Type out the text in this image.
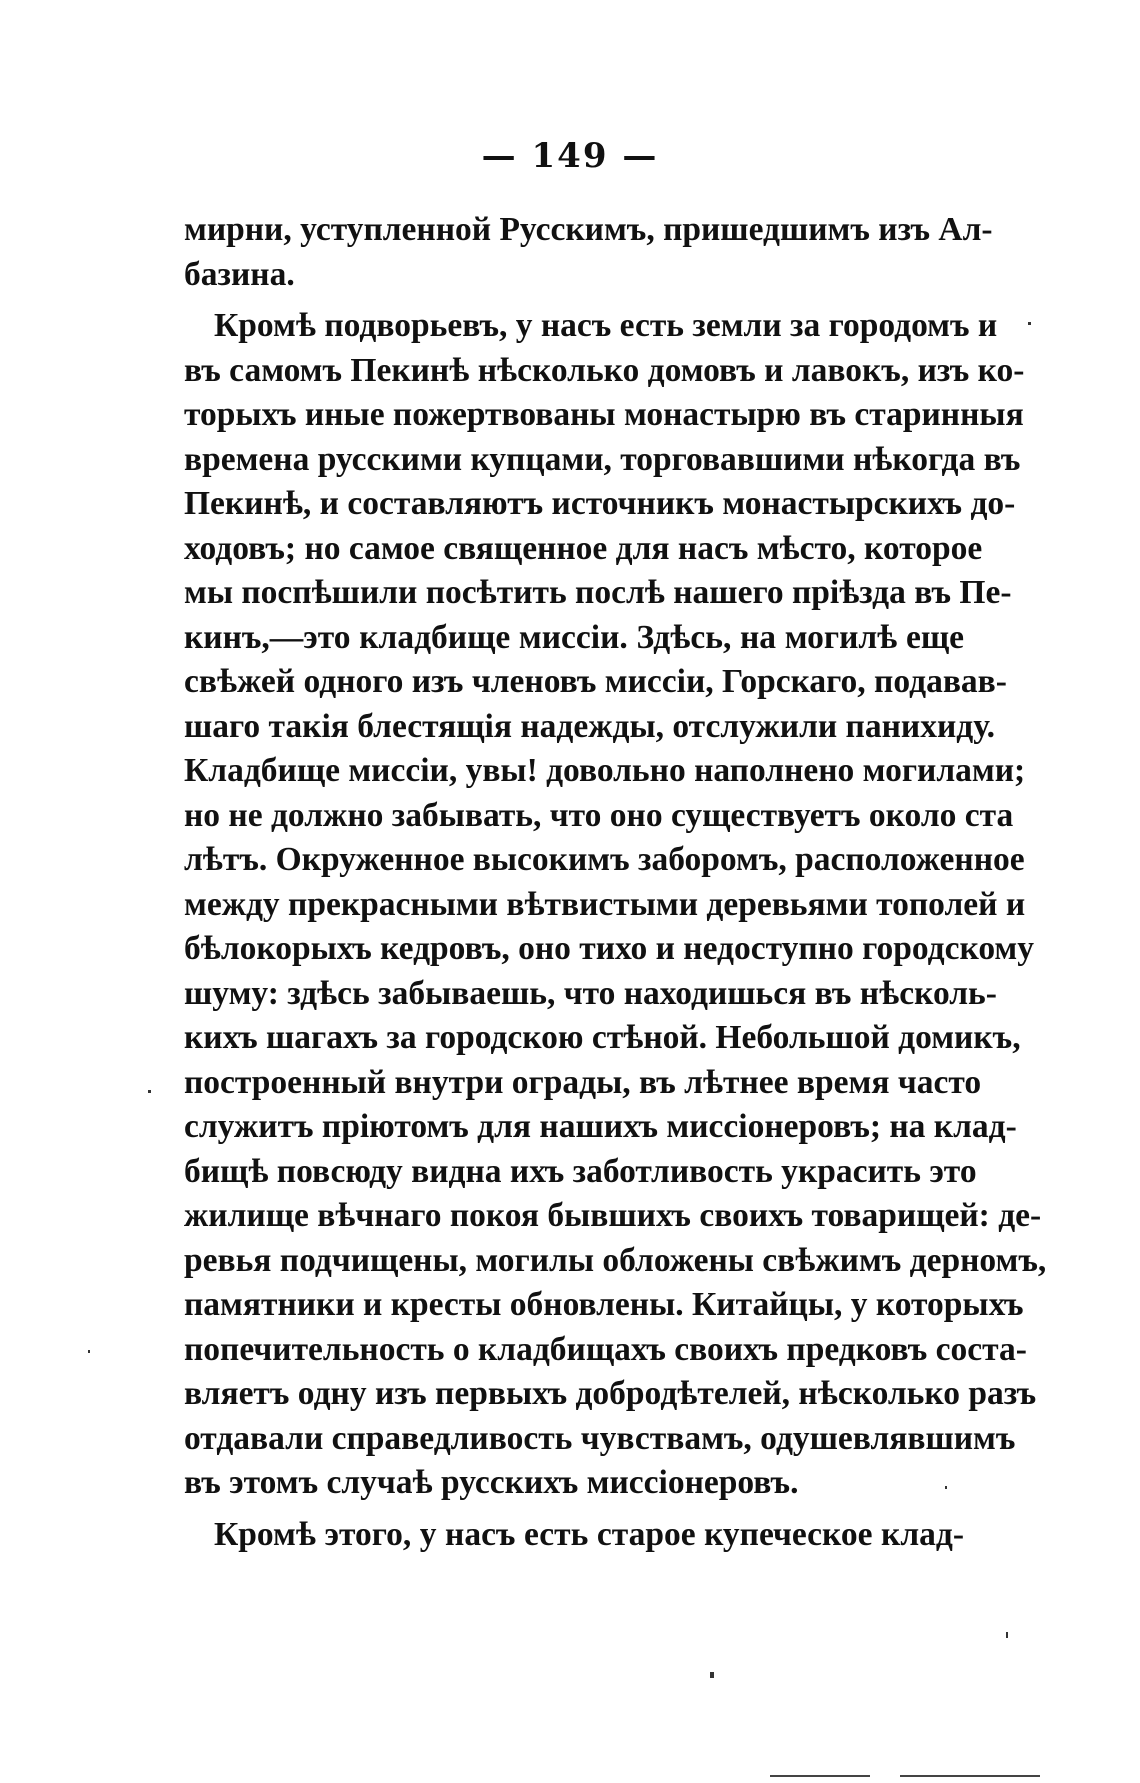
— 149 —
мирни, уступленной Русскимъ, пришедшимъ изъ Ал-
базина.
Кромѣ подворьевъ, у насъ есть земли за городомъ и
въ самомъ Пекинѣ нѣсколько домовъ и лавокъ, изъ ко-
торыхъ иные пожертвованы монастырю въ старинныя
времена русскими купцами, торговавшими нѣкогда въ
Пекинѣ, и составляютъ источникъ монастырскихъ до-
ходовъ; но самое священное для насъ мѣсто, которое
мы поспѣшили посѣтить послѣ нашего прiѣзда въ Пе-
кинъ,—это кладбище миссiи. Здѣсь, на могилѣ еще
свѣжей одного изъ членовъ миссiи, Горскаго, подавав-
шаго такiя блестящiя надежды, отслужили панихиду.
Кладбище миссiи, увы! довольно наполнено могилами;
но не должно забывать, что оно существуетъ около ста
лѣтъ. Окруженное высокимъ заборомъ, расположенное
между прекрасными вѣтвистыми деревьями тополей и
бѣлокорыхъ кедровъ, оно тихо и недоступно городскому
шуму: здѣсь забываешь, что находишься въ нѣсколь-
кихъ шагахъ за городскою стѣной. Небольшой домикъ,
построенный внутри ограды, въ лѣтнее время часто
служитъ прiютомъ для нашихъ миссiонеровъ; на клад-
бищѣ повсюду видна ихъ заботливость украсить это
жилище вѣчнаго покоя бывшихъ своихъ товарищей: де-
ревья подчищены, могилы обложены свѣжимъ дерномъ,
памятники и кресты обновлены. Китайцы, у которыхъ
попечительность о кладбищахъ своихъ предковъ соста-
вляетъ одну изъ первыхъ добродѣтелей, нѣсколько разъ
отдавали справедливость чувствамъ, одушевлявшимъ
въ этомъ случаѣ русскихъ миссiонеровъ.
Кромѣ этого, у насъ есть старое купеческое клад-
